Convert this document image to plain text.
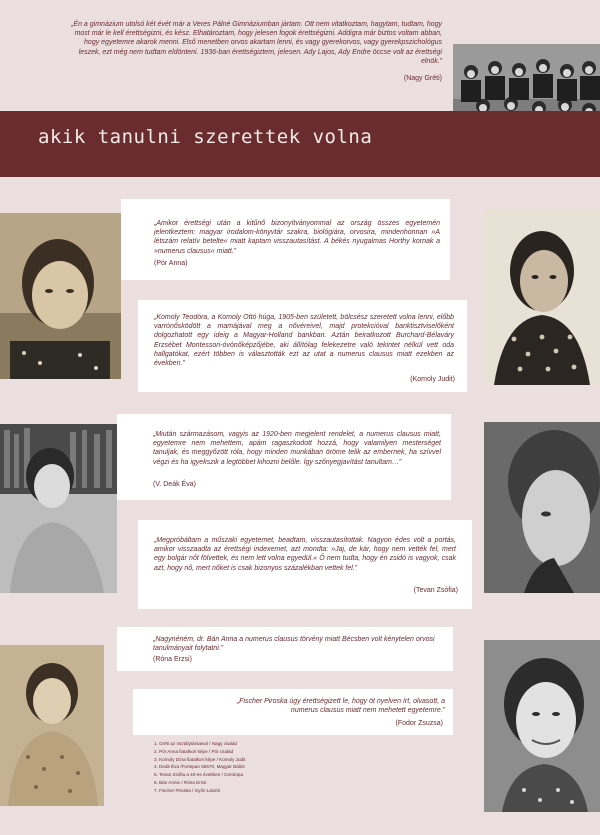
„Én a gimnázium utolsó két évét már a Veres Pálné Gimnáziumban jártam. Ott nem vitatkoztam, hagytam, tudtam, hogy most már le kell érettségizni, és kész. Elhatároztam, hogy jelesen fogok érettségizni. Addigra már biztos voltam abban, hogy egyetemre akarok menni. Első menetben orvos akartam lenni, és vagy gyerekorvos, vagy gyerekpszichológus leszek, ezt még nem tudtam eldönteni. 1936-ban érettségiztem, jelesen. Ady Lajos, Ady Endre öccse volt az érettségi elnök.”
(Nagy Gréti)
akik tanulni szerettek volna
„Amikor érettségi után a kitűnő bizonyítványommal az ország összes egyetemén jelentkeztem: magyar irodalom-könyvtár szakra, biológiára, orvosira, mindenhonnan »A létszám relatív betelte« miatt kaptam visszautasítást. A békés nyugalmas Horthy kornak a »numerus clausus« miatt.”
(Pór Anna)
„Komoly Teodóra, a Komoly Ottó húga, 1905-ben született, bölcsész szeretett volna lenni, előbb varrónősködött a mamájával meg a nővéreivel, majd protekcióval banktisztviselőként dolgozhatott egy ideig a Magyar-Holland bankban. Aztán beiratkozott Burchard-Bélaváry Erzsébet Montessori-óvónőképzőjébe, aki állítólag felekezetre való tekintet nélkül vett oda hallgatókat, ezért többen is választották ezt az utat a numerus clausus miatt ezekben az években.”
(Komoly Judit)
„Miután származásom, vagyis az 1920-ben megjelent rendelet, a numerus clausus miatt, egyetemre nem mehettem, apám ragaszkodott hozzá, hogy valamilyen mesterséget tanuljak, és meggyőzött róla, hogy minden munkában öröme telik az embernek, ha szívvel végzi és ha igyekszik a legtöbbet kihozni belőle. Így szőnyegjavítást tanultam…”
(V. Deák Éva)
„Megpróbáltam a műszaki egyetemet, beadtam, visszautasítottak. Nagyon édes volt a portás, amikor visszaadta az érettségi indexemet, azt mondta: »Jaj, de kár, hogy nem vették fel, mert egy bolgár nőt fölvettek, és nem lett volna egyedül.« Ő nem tudta, hogy én zsidó is vagyok, csak azt, hogy nő, mert nőket is csak bizonyos százalékban vettek fel.”
(Tevan Zsófia)
„Nagynéném, dr. Bán Anna a numerus clausus törvény miatt Bécsben volt kénytelen orvosi tanulmányait folytatni.”
(Róna Erzsi)
„Fischer Piroska úgy érettségizett le, hogy öt nyelven írt, olvasott, a numerus clausus miatt nem mehetett egyetemre.”
(Fodor Zsuzsa)
1. Gréti az osztálytársaival / Nagy család
2. Pór Anna fiatalkori képe / Pór család
3. Komoly Dóra fiatalkori képe / Komoly Judit
4. Deák Éva /Fortepan 55570, Magyar Bálint
5. Tevan Zsófia a 40-es években / Centropa
6. Bán Annie / Róna Erzsi
7. Fischer Piroska / Győri László
